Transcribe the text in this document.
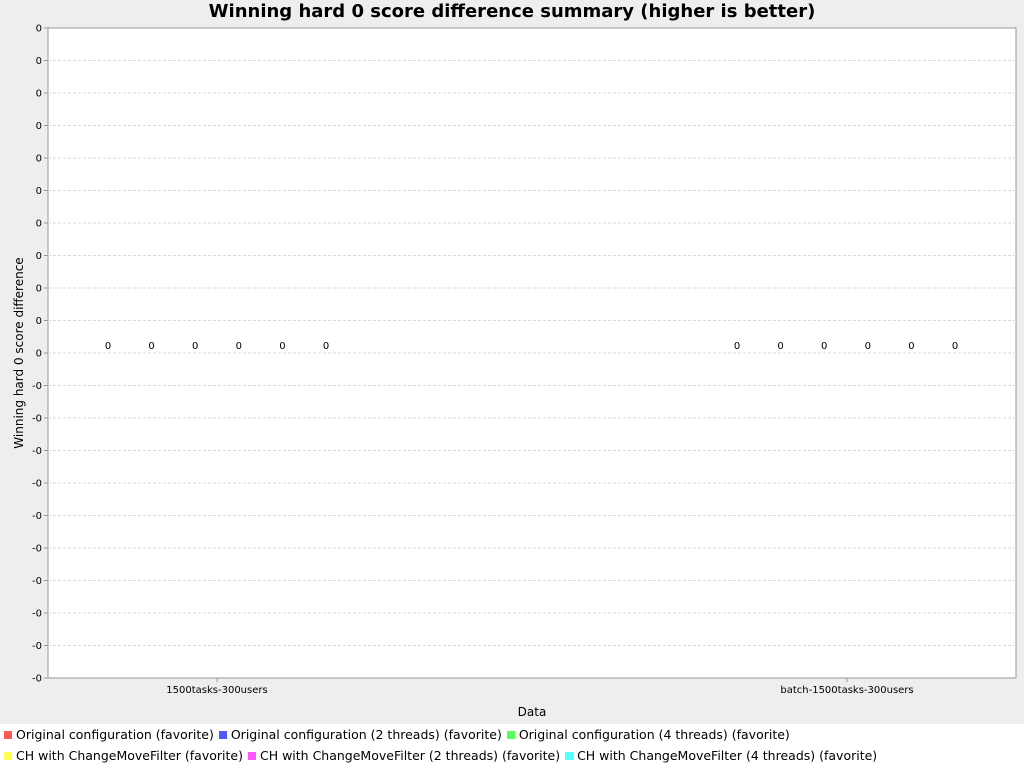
Winning hard 0 score difference summary (higher is better)
0
0
0
0
0
0
0
0
0
0
0
-0
-0
-0
-0
-0
-0
-0
-0
-0
-0
1500tasks-300users	batch-1500tasks-300users
0	0	0	0	0	0	0	0	0	0	0	0
Data
Winning hard 0 score difference
Original configuration (favorite) Original configuration (2 threads) (favorite) Original configuration (4 threads) (favorite)
CH with ChangeMoveFilter (favorite) CH with ChangeMoveFilter (2 threads) (favorite) CH with ChangeMoveFilter (4 threads) (favorite)
